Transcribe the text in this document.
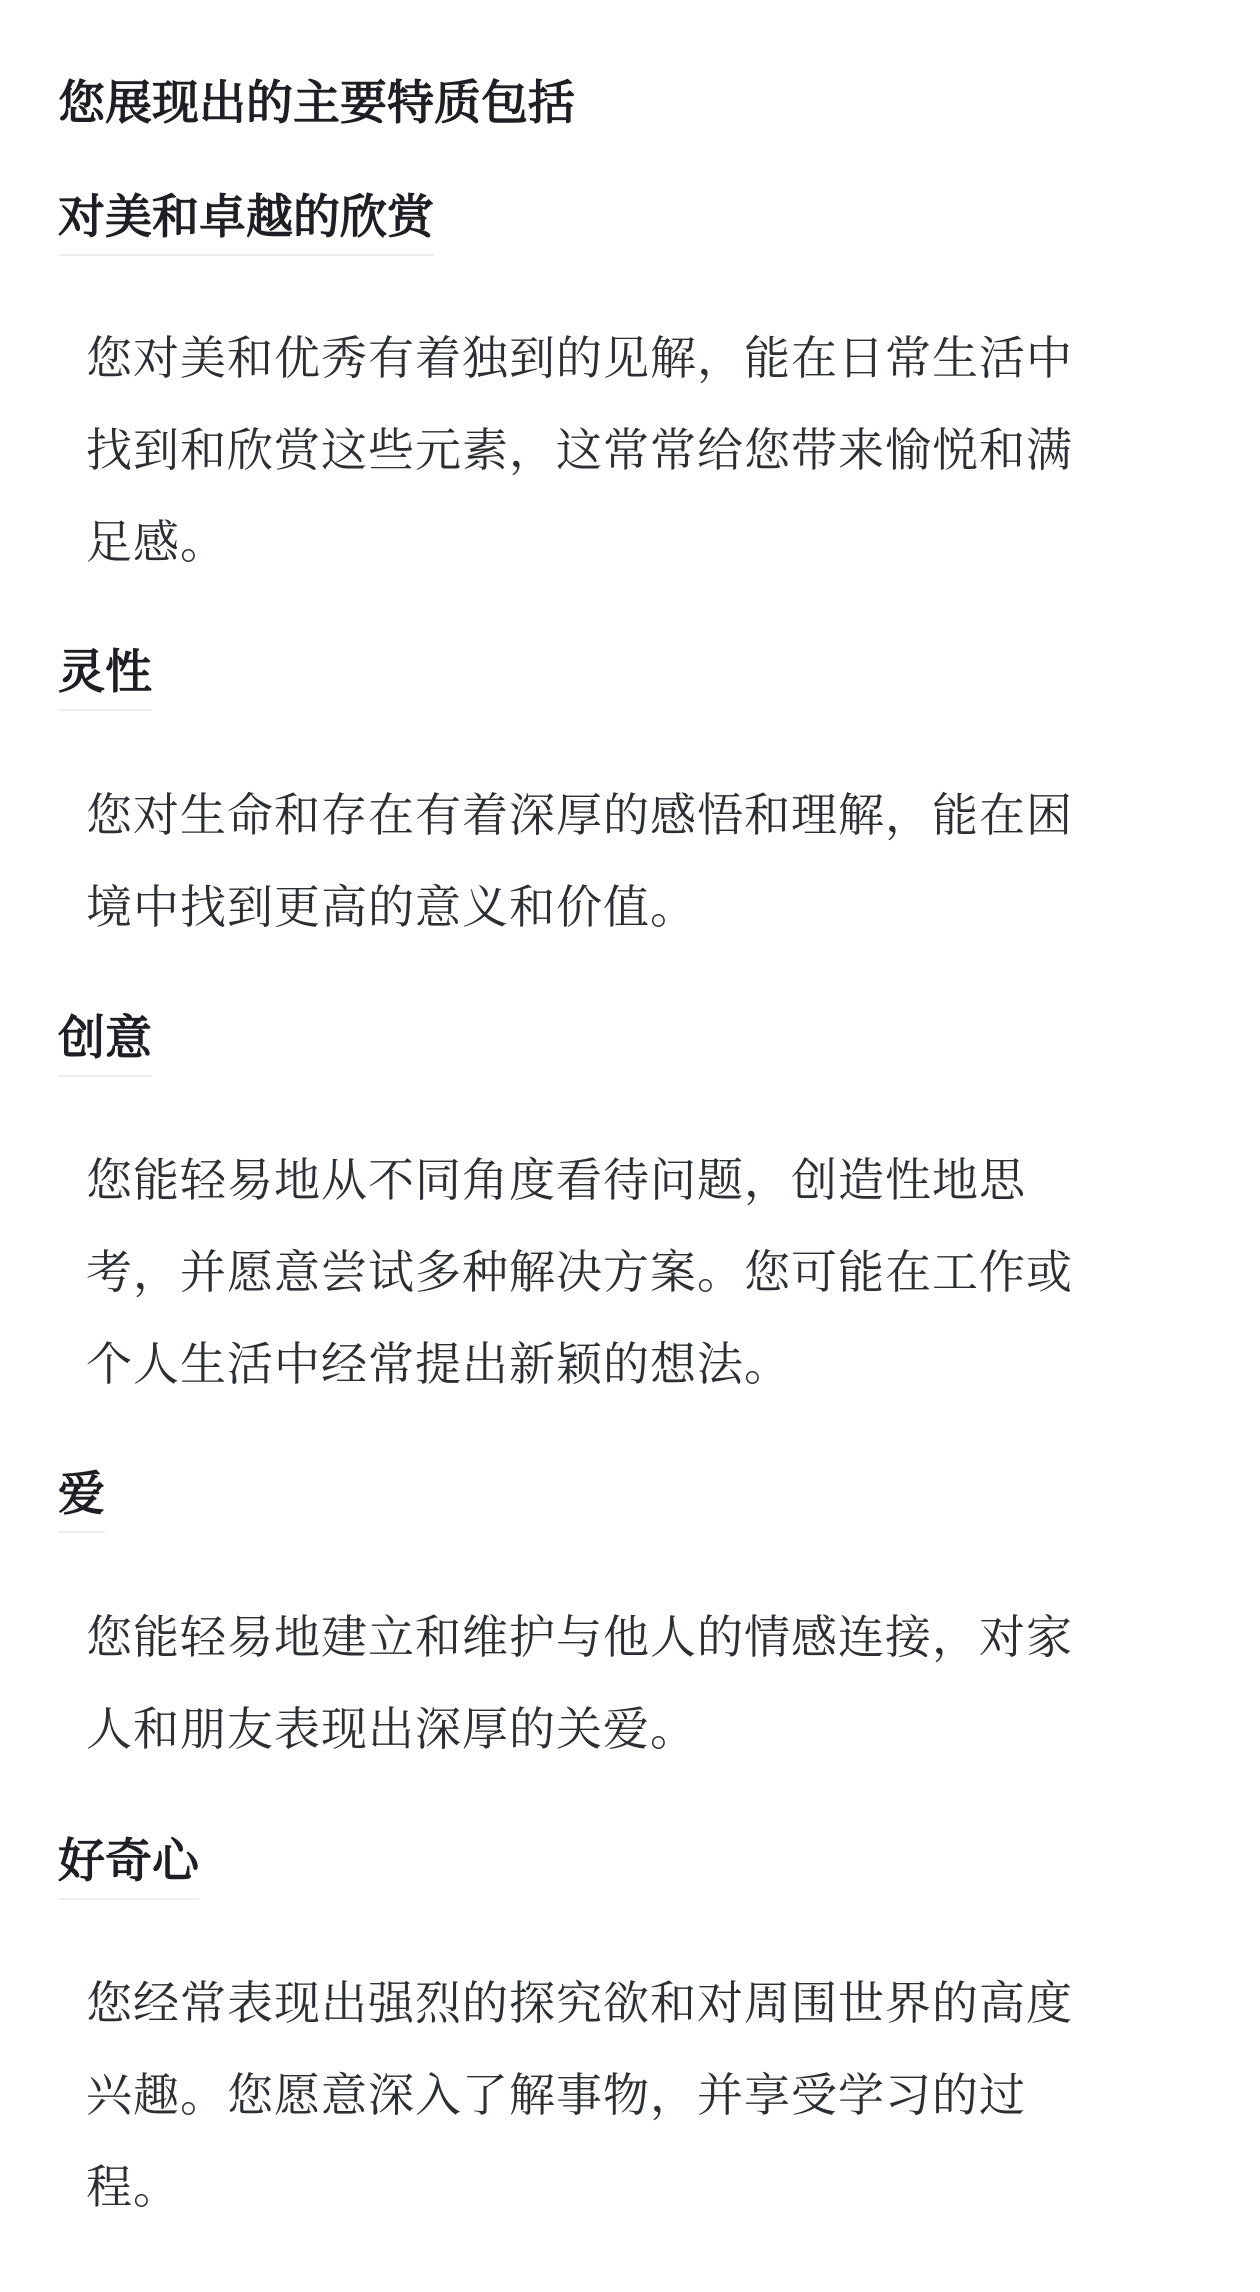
您展现出的主要特质包括
对美和卓越的欣赏
您对美和优秀有着独到的见解，能在日常生活中
找到和欣赏这些元素，这常常给您带来愉悦和满
足感。
灵性
您对生命和存在有着深厚的感悟和理解，能在困
境中找到更高的意义和价值。
创意
您能轻易地从不同角度看待问题，创造性地思
考，并愿意尝试多种解决方案。您可能在工作或
个人生活中经常提出新颖的想法。
爱
您能轻易地建立和维护与他人的情感连接，对家
人和朋友表现出深厚的关爱。
好奇心
您经常表现出强烈的探究欲和对周围世界的高度
兴趣。您愿意深入了解事物，并享受学习的过
程。
